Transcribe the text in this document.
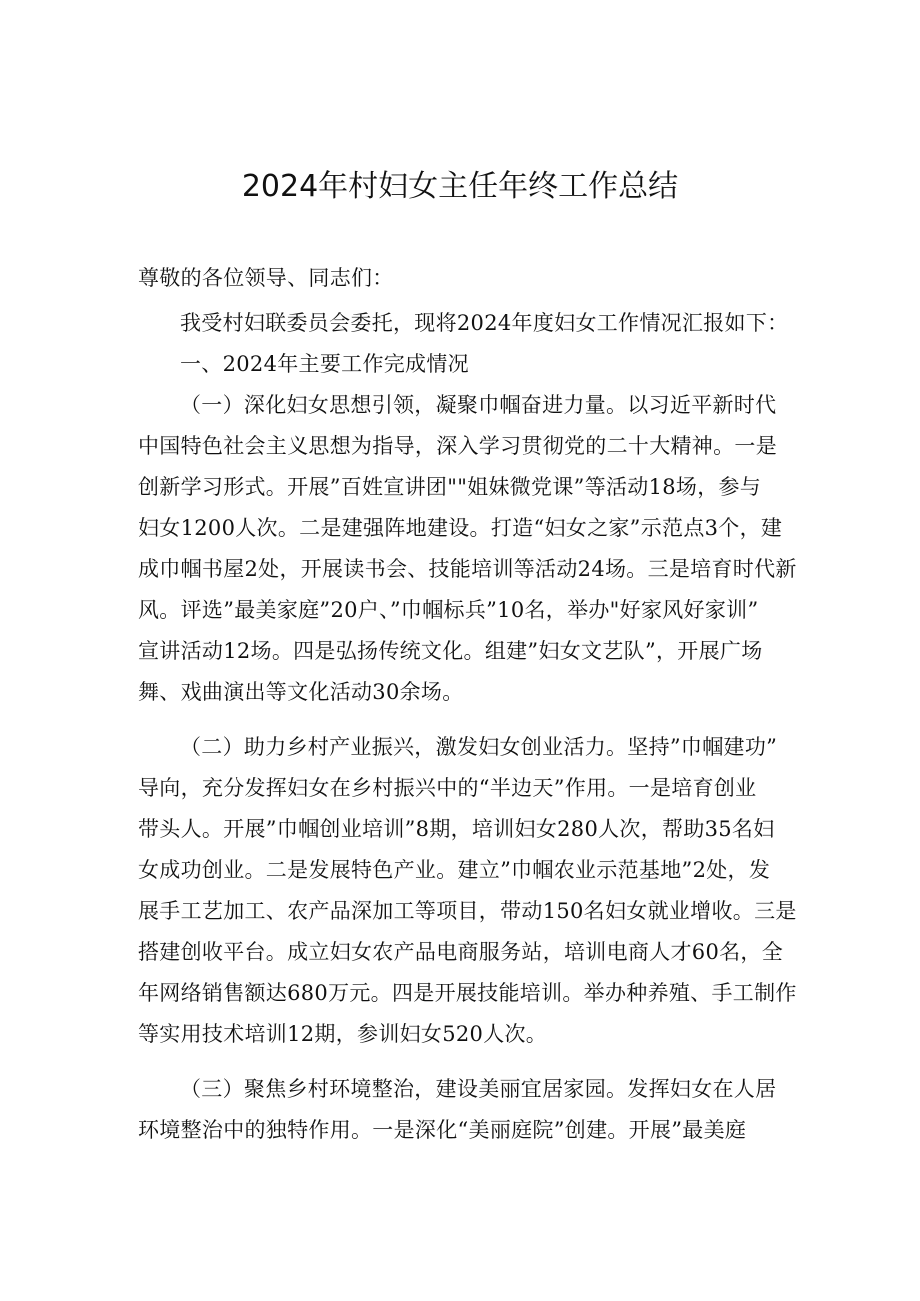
2024年村妇女主任年终工作总结
尊敬的各位领导、同志们：
我受村妇联委员会委托，现将2024年度妇女工作情况汇报如下：
一、2024年主要工作完成情况
（一）深化妇女思想引领，凝聚巾帼奋进力量。以习近平新时代
中国特色社会主义思想为指导，深入学习贯彻党的二十大精神。一是
创新学习形式。开展”百姓宣讲团""姐妹微党课”等活动18场，参与
妇女1200人次。二是建强阵地建设。打造“妇女之家”示范点3个，建
成巾帼书屋2处，开展读书会、技能培训等活动24场。三是培育时代新
风。评选”最美家庭”20户、”巾帼标兵”10名，举办"好家风好家训”
宣讲活动12场。四是弘扬传统文化。组建”妇女文艺队”，开展广场
舞、戏曲演出等文化活动30余场。
（二）助力乡村产业振兴，激发妇女创业活力。坚持”巾帼建功”
导向，充分发挥妇女在乡村振兴中的“半边天”作用。一是培育创业
带头人。开展”巾帼创业培训”8期，培训妇女280人次，帮助35名妇
女成功创业。二是发展特色产业。建立”巾帼农业示范基地”2处，发
展手工艺加工、农产品深加工等项目，带动150名妇女就业增收。三是
搭建创收平台。成立妇女农产品电商服务站，培训电商人才60名，全
年网络销售额达680万元。四是开展技能培训。举办种养殖、手工制作
等实用技术培训12期，参训妇女520人次。
（三）聚焦乡村环境整治，建设美丽宜居家园。发挥妇女在人居
环境整治中的独特作用。一是深化“美丽庭院”创建。开展”最美庭
